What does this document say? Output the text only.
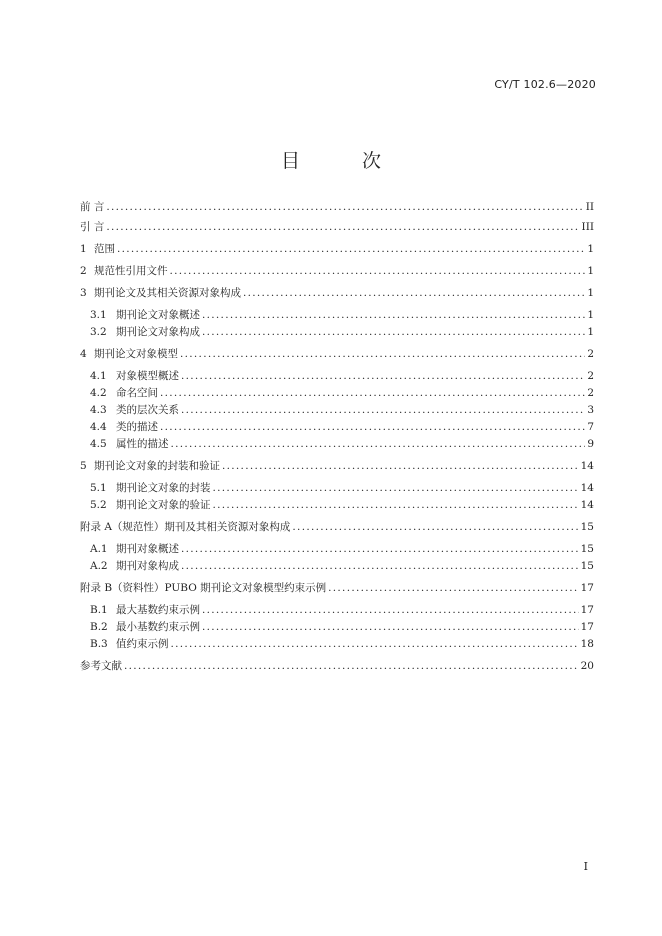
CY/T 102.6—2020
目 次
前 言 .....	II
引 言 .....	III
1 范围 .....	1
2 规范性引用文件 .....	1
3 期刊论文及其相关资源对象构成 .....	1
3.1 期刊论文对象概述 .....	1
3.2 期刊论文对象构成 .....	1
4 期刊论文对象模型 .....	2
4.1 对象模型概述 .....	2
4.2 命名空间 .....	2
4.3 类的层次关系 .....	3
4.4 类的描述 .....	7
4.5 属性的描述 .....	9
5 期刊论文对象的封装和验证 .....	14
5.1 期刊论文对象的封装 .....	14
5.2 期刊论文对象的验证 .....	14
附录 A（规范性）期刊及其相关资源对象构成 .....	15
A.1 期刊对象概述 .....	15
A.2 期刊对象构成 .....	15
附录 B（资料性）PUBO 期刊论文对象模型约束示例 .....	17
B.1 最大基数约束示例 .....	17
B.2 最小基数约束示例 .....	17
B.3 值约束示例 .....	18
参考文献 .....	20
I
